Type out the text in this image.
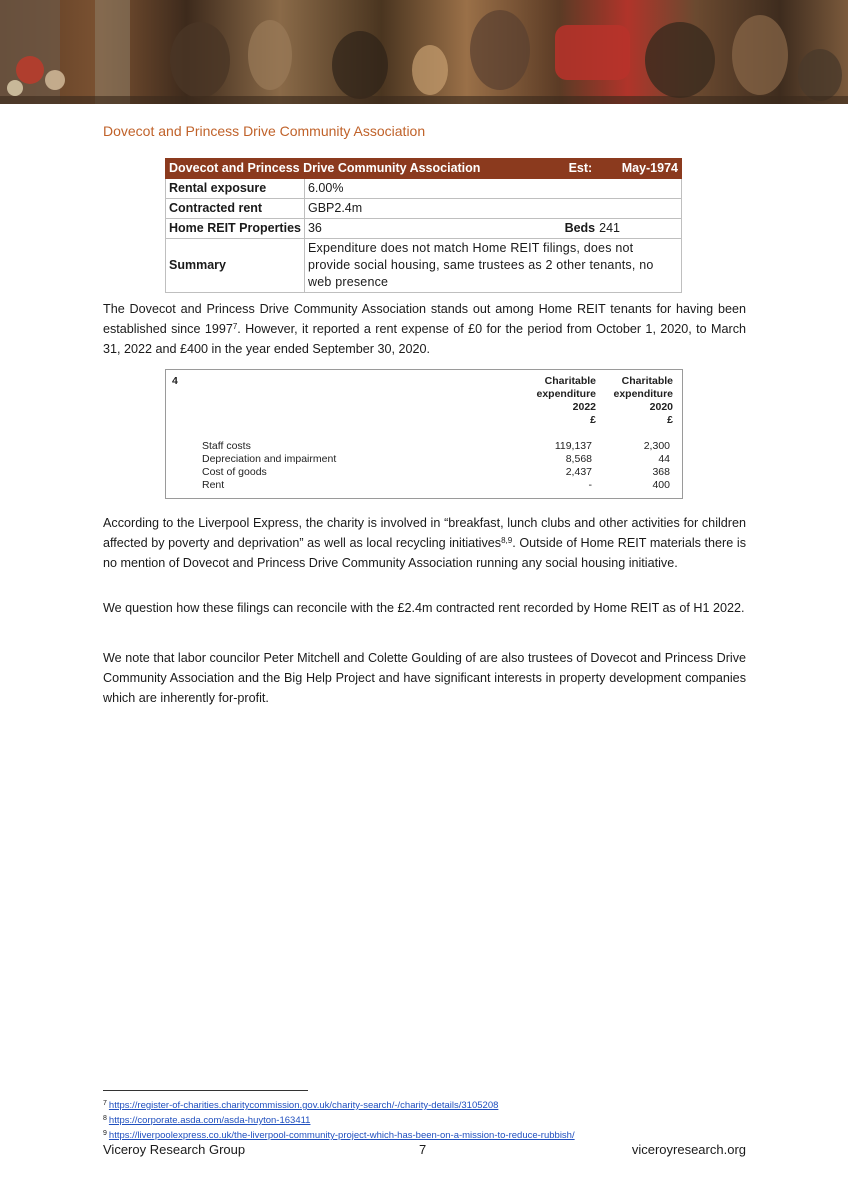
Dovecot and Princess Drive Community Association
Dovecot and Princess Drive Community Association Est: May-1974	

Rental exposure	6.00%
Contracted rent	GBP2.4m
Home REIT Properties	36 Beds 241

Summary	Expenditure does not match Home REIT filings, does not provide social housing, same trustees as 2 other tenants, no web presence
The Dovecot and Princess Drive Community Association stands out among Home REIT tenants for having been established since 1997$^7$. However, it reported a rent expense of £0 for the period from October 1, 2020, to March 31, 2022 and £400 in the year ended September 30, 2020.
4	Charitable
expenditure
2022
£
Charitable
expenditure
2020
£
Staff costs	119,137	2,300
Depreciation and impairment	8,568	44
Cost of goods	2,437	368
Rent	-	400
According to the Liverpool Express, the charity is involved in “breakfast, lunch clubs and other activities for children affected by poverty and deprivation” as well as local recycling initiatives$^{8,9}$. Outside of Home REIT materials there is no mention of Dovecot and Princess Drive Community Association running any social housing initiative.
We question how these filings can reconcile with the £2.4m contracted rent recorded by Home REIT as of H1 2022.
We note that labor councilor Peter Mitchell and Colette Goulding of are also trustees of Dovecot and Princess Drive Community Association and the Big Help Project and have significant interests in property development companies which are inherently for-profit.
$^7$ https://register-of-charities.charitycommission.gov.uk/charity-search/-/charity-details/3105208
$^8$ https://corporate.asda.com/asda-huyton-163411
$^9$ https://liverpoolexpress.co.uk/the-liverpool-community-project-which-has-been-on-a-mission-to-reduce-rubbish/
Viceroy Research Group	7	viceroyresearch.org
